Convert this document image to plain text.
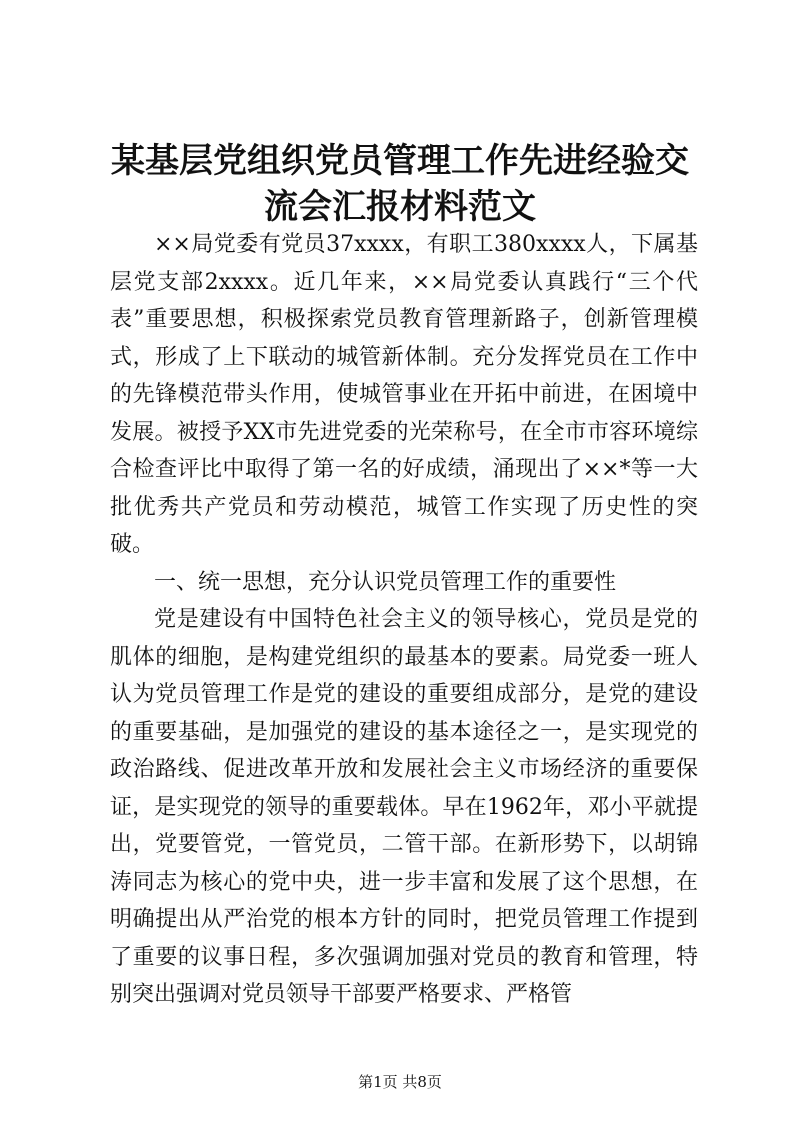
某基层党组织党员管理工作先进经验交流会汇报材料范文

××局党委有党员37xxxx，有职工380xxxx人，下属基层党支部2xxxx。近几年来，××局党委认真践行“三个代表”重要思想，积极探索党员教育管理新路子，创新管理模式，形成了上下联动的城管新体制。充分发挥党员在工作中的先锋模范带头作用，使城管事业在开拓中前进，在困境中发展。被授予XX市先进党委的光荣称号，在全市市容环境综合检查评比中取得了第一名的好成绩，涌现出了××*等一大批优秀共产党员和劳动模范，城管工作实现了历史性的突破。

一、统一思想，充分认识党员管理工作的重要性

党是建设有中国特色社会主义的领导核心，党员是党的肌体的细胞，是构建党组织的最基本的要素。局党委一班人认为党员管理工作是党的建设的重要组成部分，是党的建设的重要基础，是加强党的建设的基本途径之一，是实现党的政治路线、促进改革开放和发展社会主义市场经济的重要保证，是实现党的领导的重要载体。早在1962年，邓小平就提出，党要管党，一管党员，二管干部。在新形势下，以胡锦涛同志为核心的党中央，进一步丰富和发展了这个思想，在明确提出从严治党的根本方针的同时，把党员管理工作提到了重要的议事日程，多次强调加强对党员的教育和管理，特别突出强调对党员领导干部要严格要求、严格管

第1页 共8页
